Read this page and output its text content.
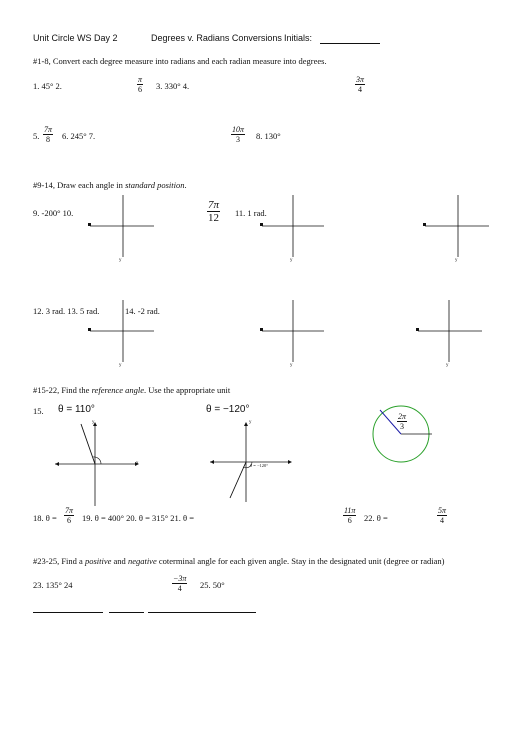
Unit Circle WS Day 2	Degrees v. Radians Conversions Initials:
#1-8, Convert each degree measure into radians and each radian measure into degrees.
1. 45° 2.
π
6 3. 330° 4.
3π
4
5.
7π
8 6. 245° 7.
10π
3 8. 130°
#9-14, Draw each angle in standard position.
9. -200° 10.
7π
12 11. 1 rad.
y	y	y
12. 3 rad. 13. 5 rad.	14. -2 rad.
y	y	y
#15-22, Find the reference angle. Use the appropriate unit
15. θ = 110°	θ = −120°
x
y	y
θ = −120°
2π
3
18. θ =
7π
6 19. θ = 400° 20. θ = 315° 21. θ =
11π
6 22. θ =
5π
4
#23-25, Find a positive and negative coterminal angle for each given angle. Stay in the designated unit (degree or radian)
23. 135° 24
−3π
4 25. 50°
